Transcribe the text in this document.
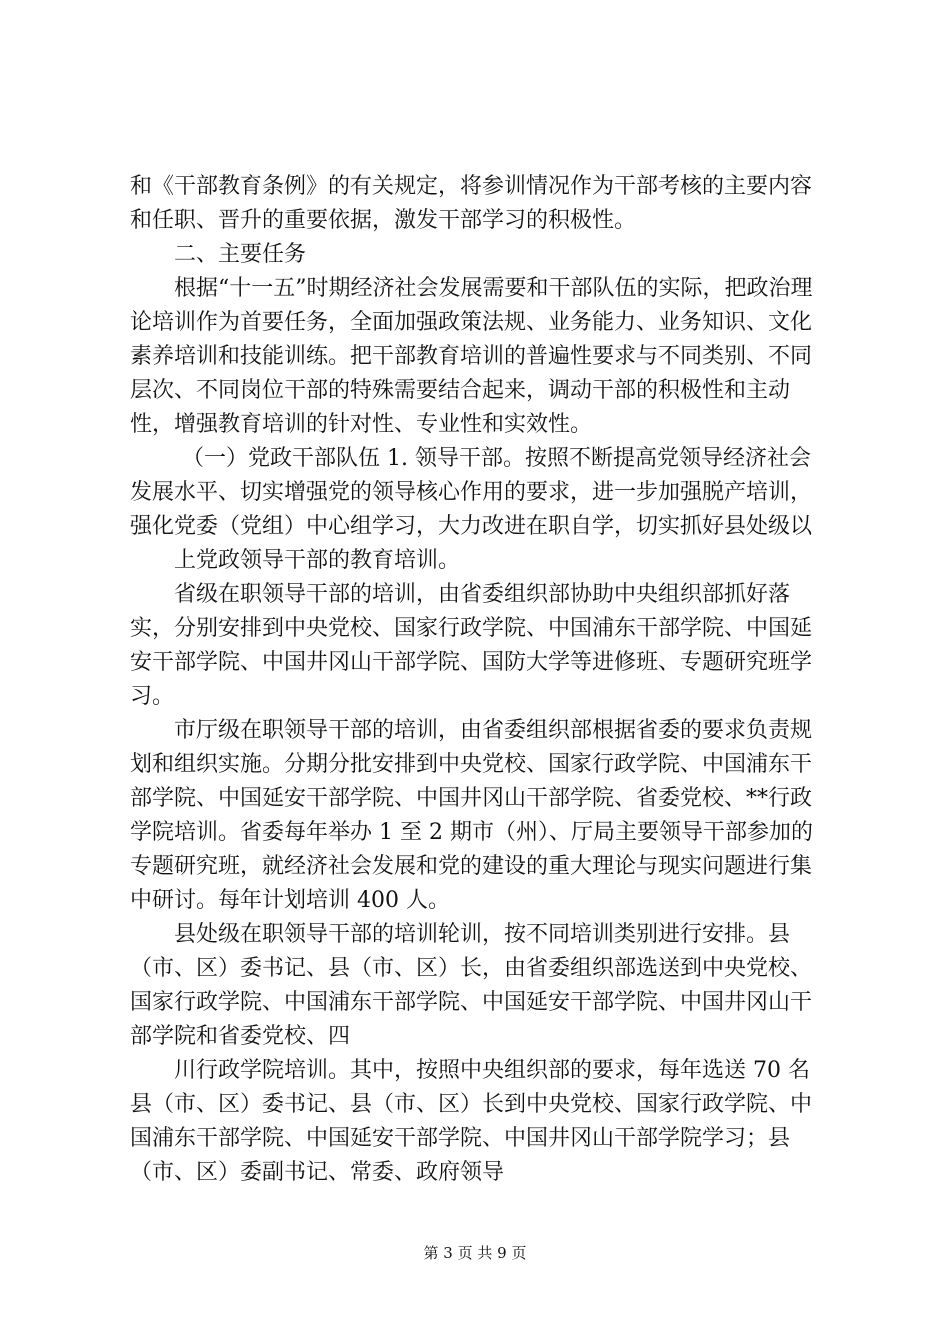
和《干部教育条例》的有关规定，将参训情况作为干部考核的主要内容和任职、晋升的重要依据，激发干部学习的积极性。

二、主要任务

根据“十一五”时期经济社会发展需要和干部队伍的实际，把政治理论培训作为首要任务，全面加强政策法规、业务能力、业务知识、文化素养培训和技能训练。把干部教育培训的普遍性要求与不同类别、不同层次、不同岗位干部的特殊需要结合起来，调动干部的积极性和主动性，增强教育培训的针对性、专业性和实效性。

（一）党政干部队伍 1. 领导干部。按照不断提高党领导经济社会发展水平、切实增强党的领导核心作用的要求，进一步加强脱产培训，强化党委（党组）中心组学习，大力改进在职自学，切实抓好县处级以

上党政领导干部的教育培训。

省级在职领导干部的培训，由省委组织部协助中央组织部抓好落实，分别安排到中央党校、国家行政学院、中国浦东干部学院、中国延安干部学院、中国井冈山干部学院、国防大学等进修班、专题研究班学习。

市厅级在职领导干部的培训，由省委组织部根据省委的要求负责规划和组织实施。分期分批安排到中央党校、国家行政学院、中国浦东干部学院、中国延安干部学院、中国井冈山干部学院、省委党校、**行政学院培训。省委每年举办 1 至 2 期市（州）、厅局主要领导干部参加的专题研究班，就经济社会发展和党的建设的重大理论与现实问题进行集中研讨。每年计划培训 400 人。

县处级在职领导干部的培训轮训，按不同培训类别进行安排。县（市、区）委书记、县（市、区）长，由省委组织部选送到中央党校、国家行政学院、中国浦东干部学院、中国延安干部学院、中国井冈山干部学院和省委党校、四

川行政学院培训。其中，按照中央组织部的要求，每年选送 70 名县（市、区）委书记、县（市、区）长到中央党校、国家行政学院、中国浦东干部学院、中国延安干部学院、中国井冈山干部学院学习；县（市、区）委副书记、常委、政府领导

第 3 页 共 9 页
